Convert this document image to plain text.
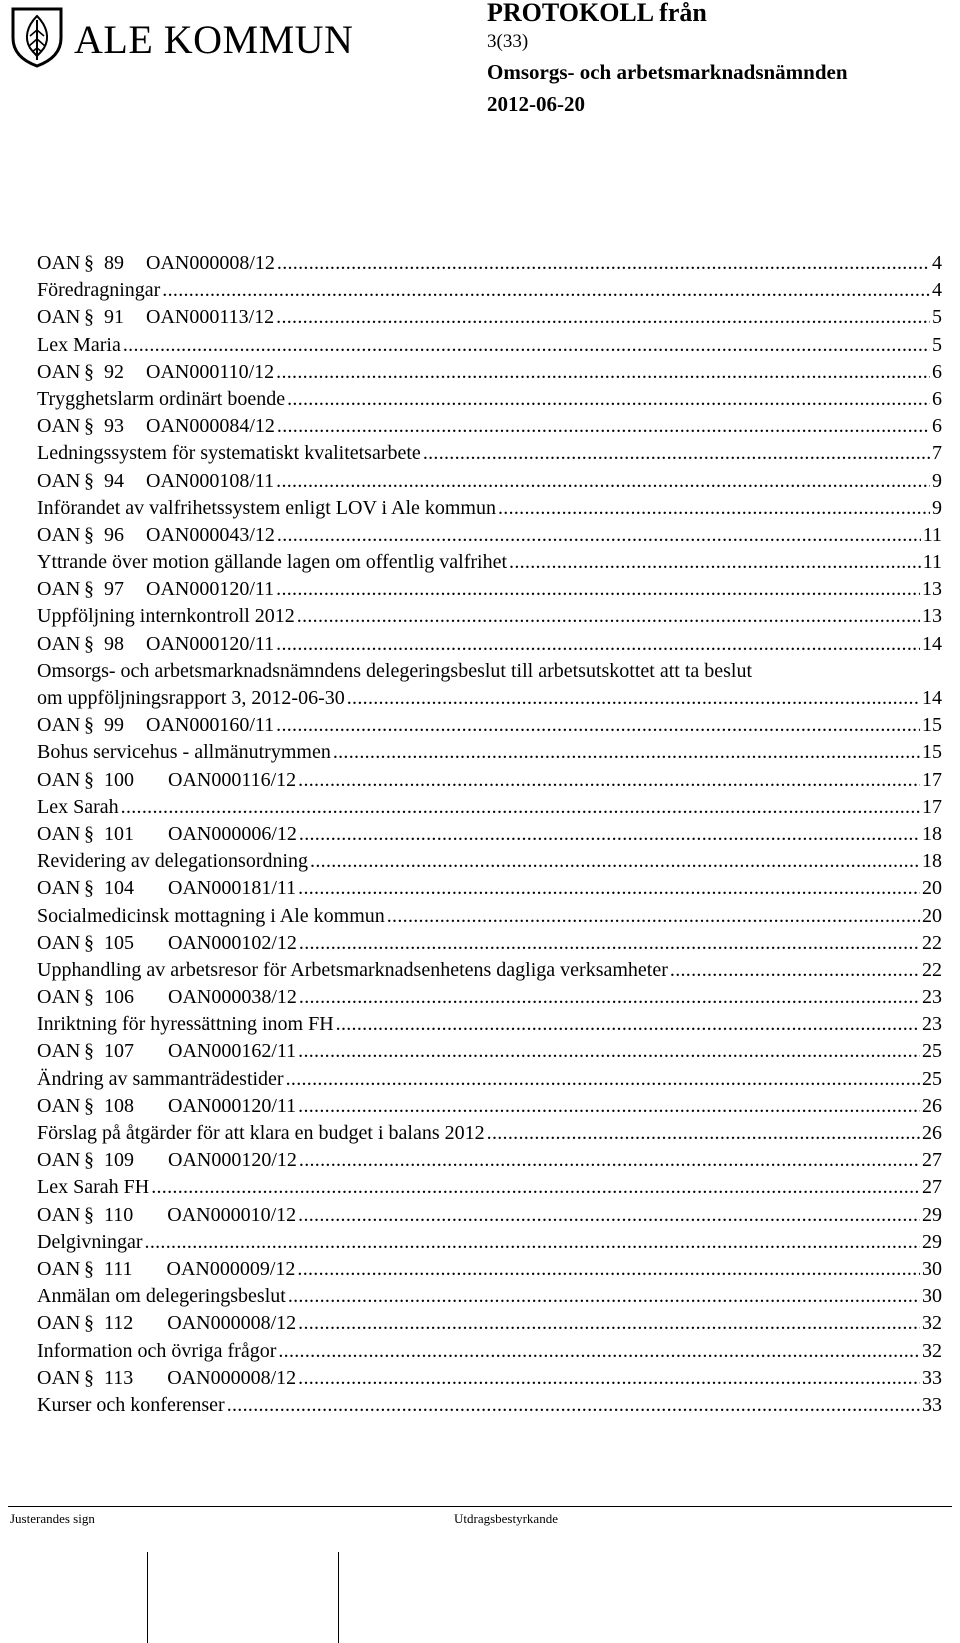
ALE KOMMUN
PROTOKOLL från
3(33)
Omsorgs- och arbetsmarknadsnämnden
2012-06-20
OAN § 89 OAN000008/12 .....	4
Föredragningar .....	4
OAN § 91 OAN000113/12 .....	5
Lex Maria .....	5
OAN § 92 OAN000110/12 .....	6
Trygghetslarm ordinärt boende .....	6
OAN § 93 OAN000084/12 .....	6
Ledningssystem för systematiskt kvalitetsarbete .....	7
OAN § 94 OAN000108/11 .....	9
Införandet av valfrihetssystem enligt LOV i Ale kommun .....	9
OAN § 96 OAN000043/12 .....	11
Yttrande över motion gällande lagen om offentlig valfrihet .....	11
OAN § 97 OAN000120/11 .....	13
Uppföljning internkontroll 2012 .....	13
OAN § 98 OAN000120/11 .....	14
Omsorgs- och arbetsmarknadsnämndens delegeringsbeslut till arbetsutskottet att ta beslut
om uppföljningsrapport 3, 2012-06-30 .....	14
OAN § 99 OAN000160/11 .....	15
Bohus servicehus - allmänutrymmen .....	15
OAN § 100 OAN000116/12 .....	17
Lex Sarah .....	17
OAN § 101 OAN000006/12 .....	18
Revidering av delegationsordning .....	18
OAN § 104 OAN000181/11 .....	20
Socialmedicinsk mottagning i Ale kommun .....	20
OAN § 105 OAN000102/12 .....	22
Upphandling av arbetsresor för Arbetsmarknadsenhetens dagliga verksamheter .....	22
OAN § 106 OAN000038/12 .....	23
Inriktning för hyressättning inom FH .....	23
OAN § 107 OAN000162/11 .....	25
Ändring av sammanträdestider .....	25
OAN § 108 OAN000120/11 .....	26
Förslag på åtgärder för att klara en budget i balans 2012 .....	26
OAN § 109 OAN000120/12 .....	27
Lex Sarah FH .....	27
OAN § 110 OAN000010/12 .....	29
Delgivningar .....	29
OAN § 111 OAN000009/12 .....	30
Anmälan om delegeringsbeslut .....	30
OAN § 112 OAN000008/12 .....	32
Information och övriga frågor .....	32
OAN § 113 OAN000008/12 .....	33
Kurser och konferenser .....	33
Justerandes sign	Utdragsbestyrkande
